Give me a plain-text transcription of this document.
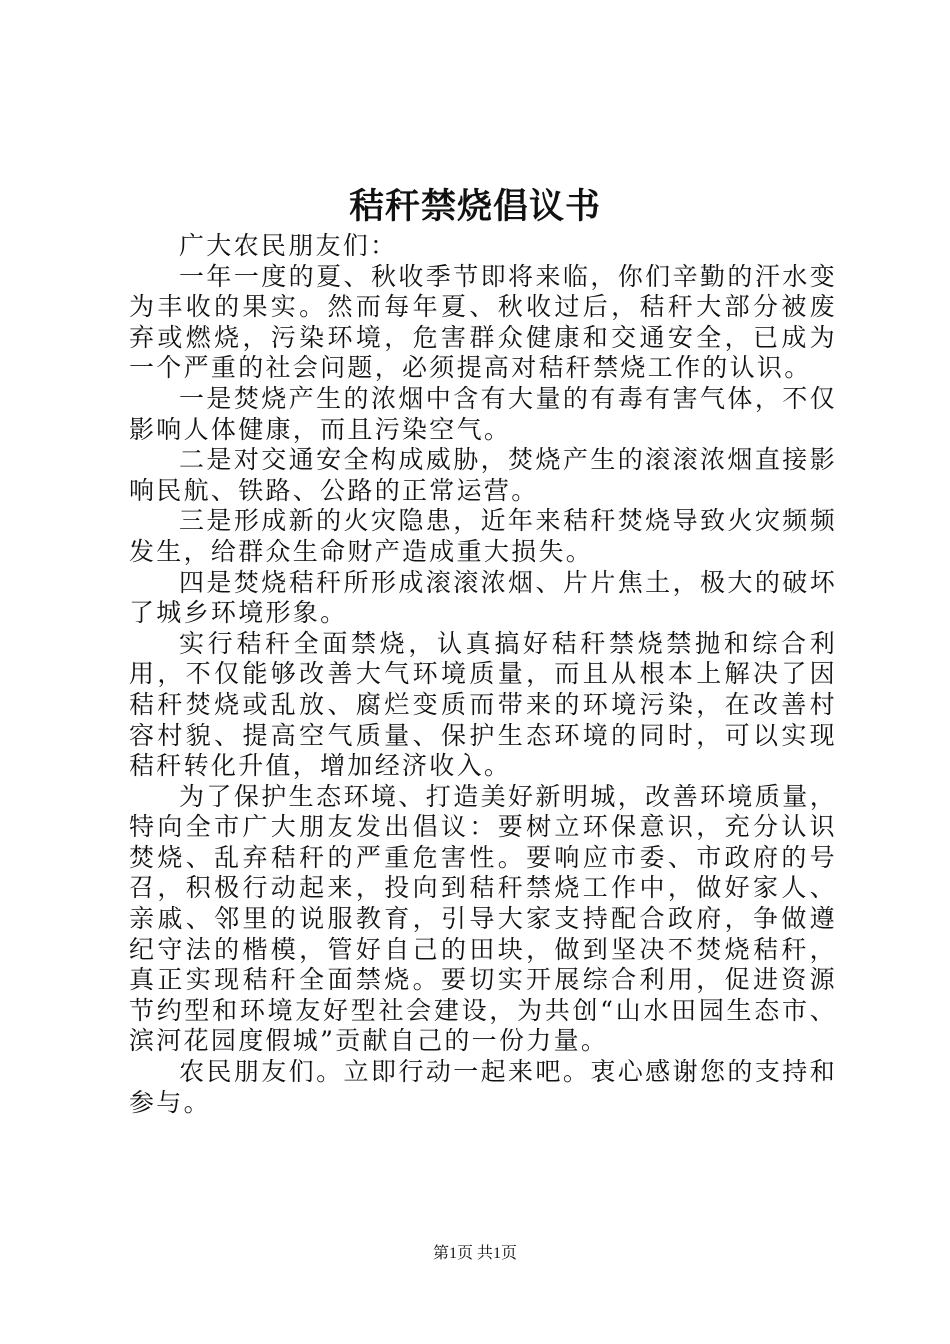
秸秆禁烧倡议书

广大农民朋友们：

一年一度的夏、秋收季节即将来临，你们辛勤的汗水变为丰收的果实。然而每年夏、秋收过后，秸秆大部分被废弃或燃烧，污染环境，危害群众健康和交通安全，已成为一个严重的社会问题，必须提高对秸秆禁烧工作的认识。

一是焚烧产生的浓烟中含有大量的有毒有害气体，不仅影响人体健康，而且污染空气。

二是对交通安全构成威胁，焚烧产生的滚滚浓烟直接影响民航、铁路、公路的正常运营。

三是形成新的火灾隐患，近年来秸秆焚烧导致火灾频频发生，给群众生命财产造成重大损失。

四是焚烧秸秆所形成滚滚浓烟、片片焦土，极大的破坏了城乡环境形象。

实行秸秆全面禁烧，认真搞好秸秆禁烧禁抛和综合利用，不仅能够改善大气环境质量，而且从根本上解决了因秸秆焚烧或乱放、腐烂变质而带来的环境污染，在改善村容村貌、提高空气质量、保护生态环境的同时，可以实现秸秆转化升值，增加经济收入。

为了保护生态环境、打造美好新明城，改善环境质量，特向全市广大朋友发出倡议：要树立环保意识，充分认识焚烧、乱弃秸秆的严重危害性。要响应市委、市政府的号召，积极行动起来，投向到秸秆禁烧工作中，做好家人、亲戚、邻里的说服教育，引导大家支持配合政府，争做遵纪守法的楷模，管好自己的田块，做到坚决不焚烧秸秆，真正实现秸秆全面禁烧。要切实开展综合利用，促进资源节约型和环境友好型社会建设，为共创“山水田园生态市、滨河花园度假城”贡献自己的一份力量。

农民朋友们。立即行动一起来吧。衷心感谢您的支持和参与。

第1页 共1页
